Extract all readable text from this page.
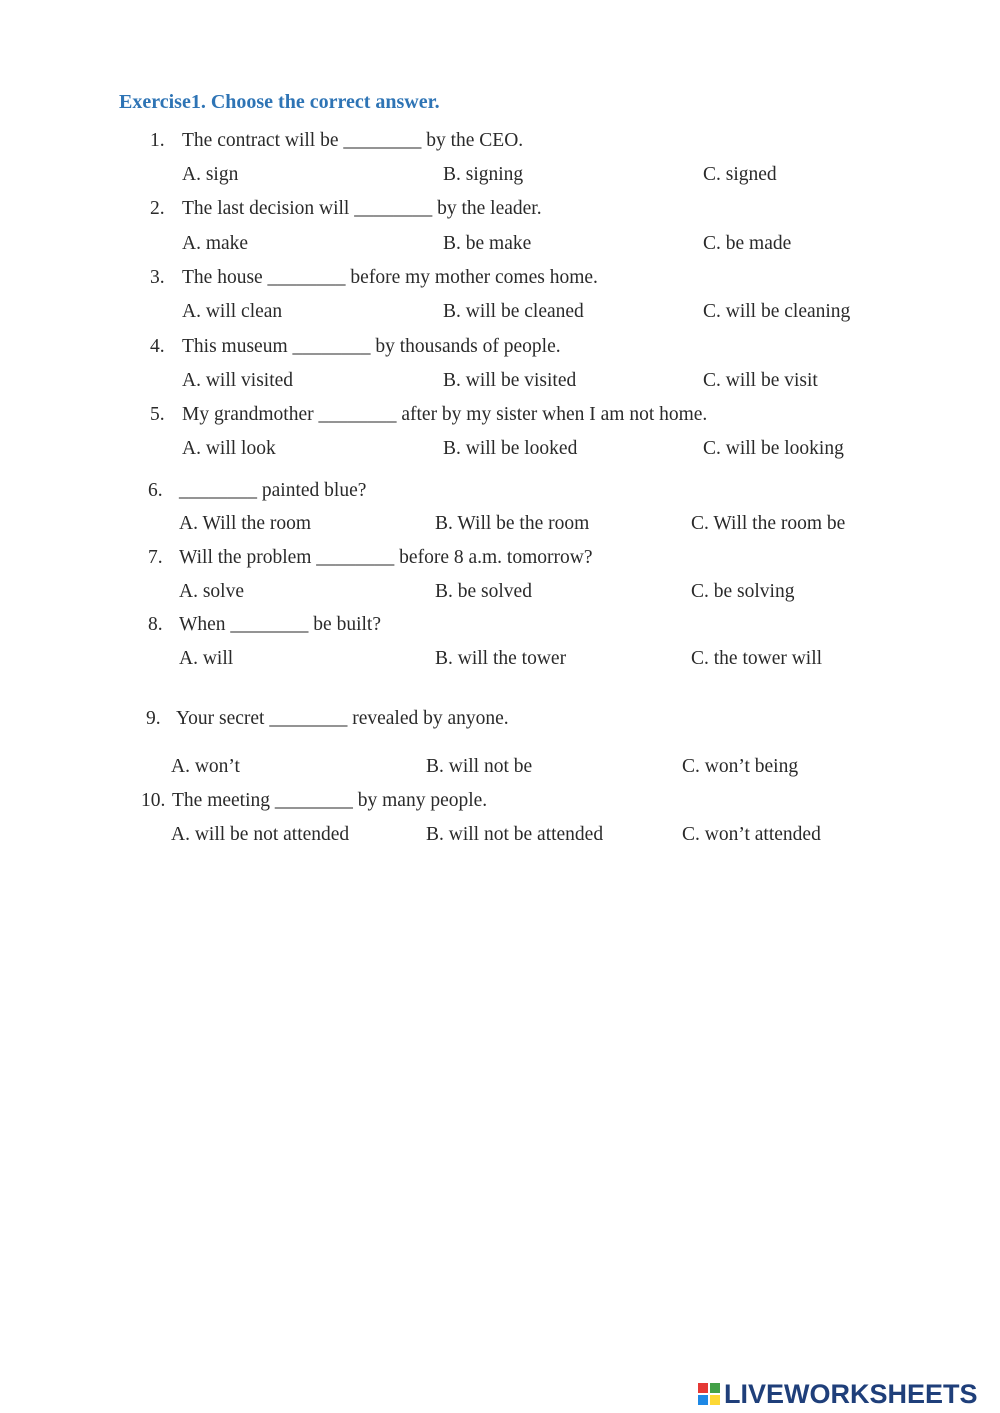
Exercise1. Choose the correct answer.
1. The contract will be ________ by the CEO.
A. sign	B. signing	C. signed
2. The last decision will ________ by the leader.
A. make	B. be make	C. be made
3. The house ________ before my mother comes home.
A. will clean	B. will be cleaned	C. will be cleaning
4. This museum ________ by thousands of people.
A. will visited	B. will be visited	C. will be visit
5. My grandmother ________ after by my sister when I am not home.
A. will look	B. will be looked	C. will be looking
6. ________ painted blue?
A. Will the room	B. Will be the room	C. Will the room be
7. Will the problem ________ before 8 a.m. tomorrow?
A. solve	B. be solved	C. be solving
8. When ________ be built?
A. will	B. will the tower	C. the tower will
9. Your secret ________ revealed by anyone.
A. won’t	B. will not be	C. won’t being
10. The meeting ________ by many people.
A. will be not attended	B. will not be attended	C. won’t attended
LIVEWORKSHEETS
